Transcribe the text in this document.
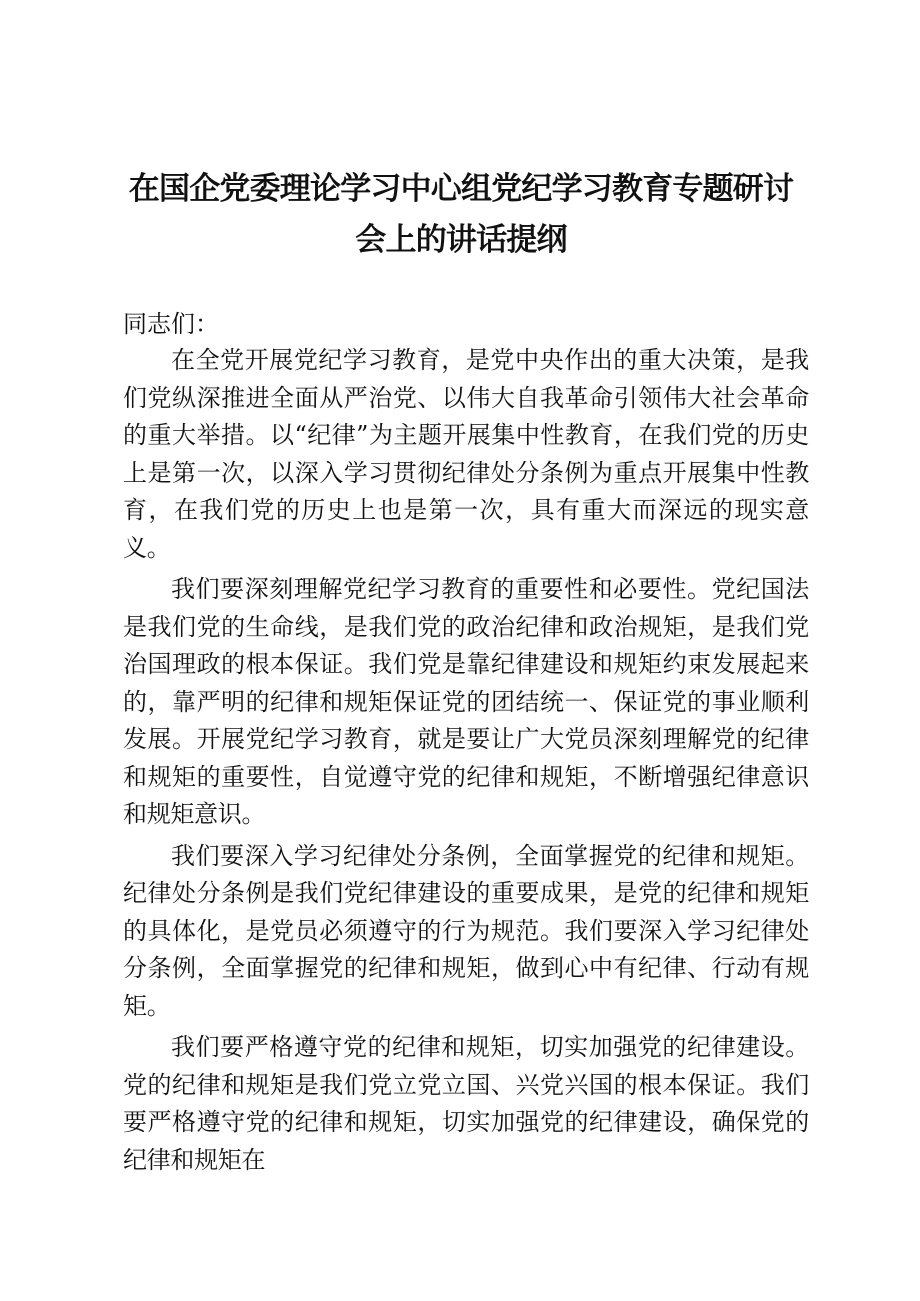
在国企党委理论学习中心组党纪学习教育专题研讨会上的讲话提纲

同志们：

在全党开展党纪学习教育，是党中央作出的重大决策，是我们党纵深推进全面从严治党、以伟大自我革命引领伟大社会革命的重大举措。以“纪律”为主题开展集中性教育，在我们党的历史上是第一次，以深入学习贯彻纪律处分条例为重点开展集中性教育，在我们党的历史上也是第一次，具有重大而深远的现实意义。

我们要深刻理解党纪学习教育的重要性和必要性。党纪国法是我们党的生命线，是我们党的政治纪律和政治规矩，是我们党治国理政的根本保证。我们党是靠纪律建设和规矩约束发展起来的，靠严明的纪律和规矩保证党的团结统一、保证党的事业顺利发展。开展党纪学习教育，就是要让广大党员深刻理解党的纪律和规矩的重要性，自觉遵守党的纪律和规矩，不断增强纪律意识和规矩意识。

我们要深入学习纪律处分条例，全面掌握党的纪律和规矩。纪律处分条例是我们党纪律建设的重要成果，是党的纪律和规矩的具体化，是党员必须遵守的行为规范。我们要深入学习纪律处分条例，全面掌握党的纪律和规矩，做到心中有纪律、行动有规矩。

我们要严格遵守党的纪律和规矩，切实加强党的纪律建设。党的纪律和规矩是我们党立党立国、兴党兴国的根本保证。我们要严格遵守党的纪律和规矩，切实加强党的纪律建设，确保党的纪律和规矩在
